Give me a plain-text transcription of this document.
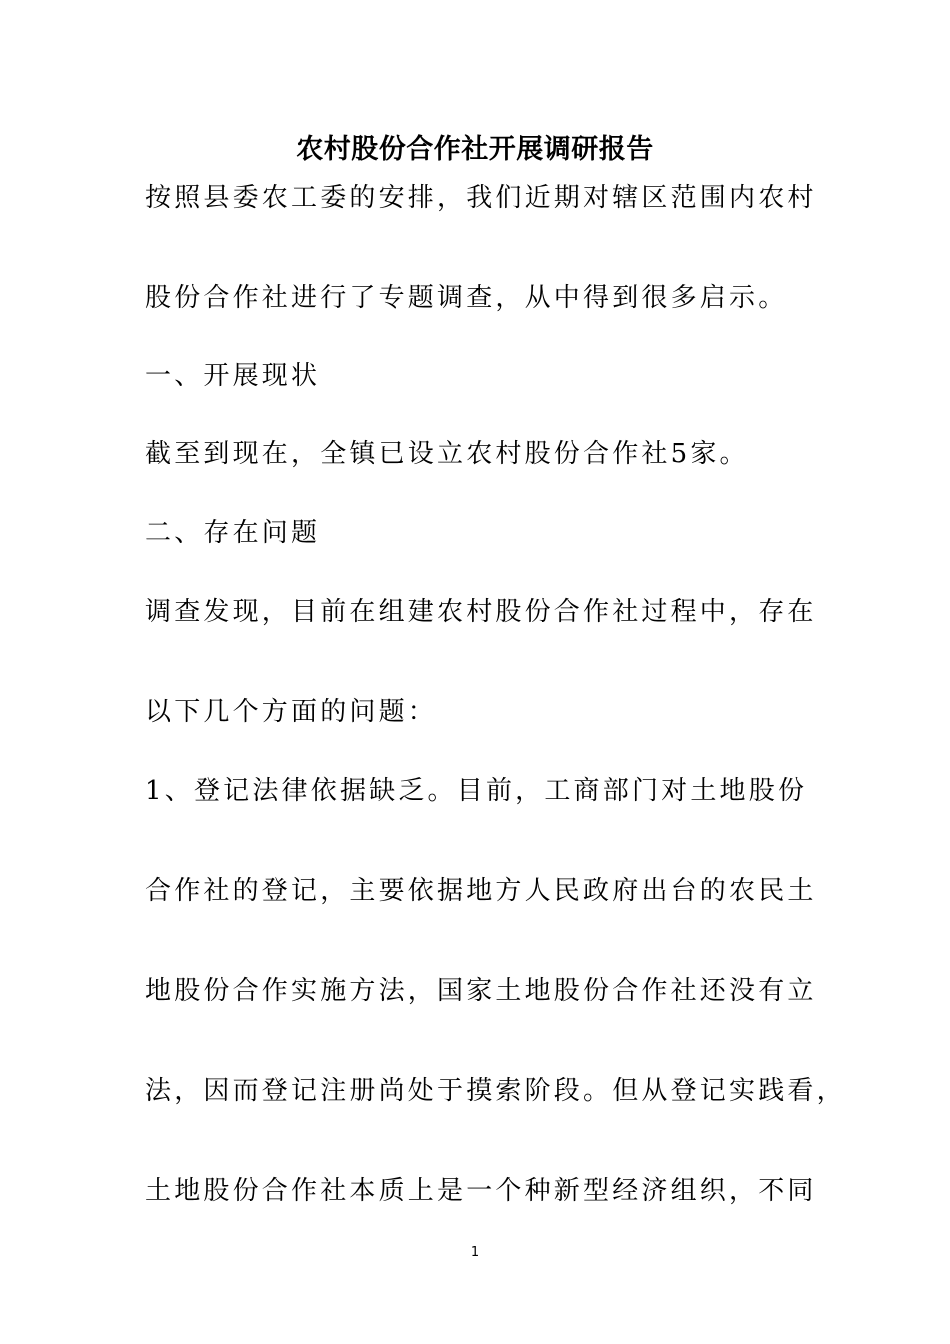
农村股份合作社开展调研报告
按照县委农工委的安排，我们近期对辖区范围内农村
股份合作社进行了专题调查，从中得到很多启示。
一、开展现状
截至到现在，全镇已设立农村股份合作社5家。
二、存在问题
调查发现，目前在组建农村股份合作社过程中，存在
以下几个方面的问题：
1、登记法律依据缺乏。目前，工商部门对土地股份
合作社的登记，主要依据地方人民政府出台的农民土
地股份合作实施方法，国家土地股份合作社还没有立
法，因而登记注册尚处于摸索阶段。但从登记实践看，
土地股份合作社本质上是一个种新型经济组织，不同
1
